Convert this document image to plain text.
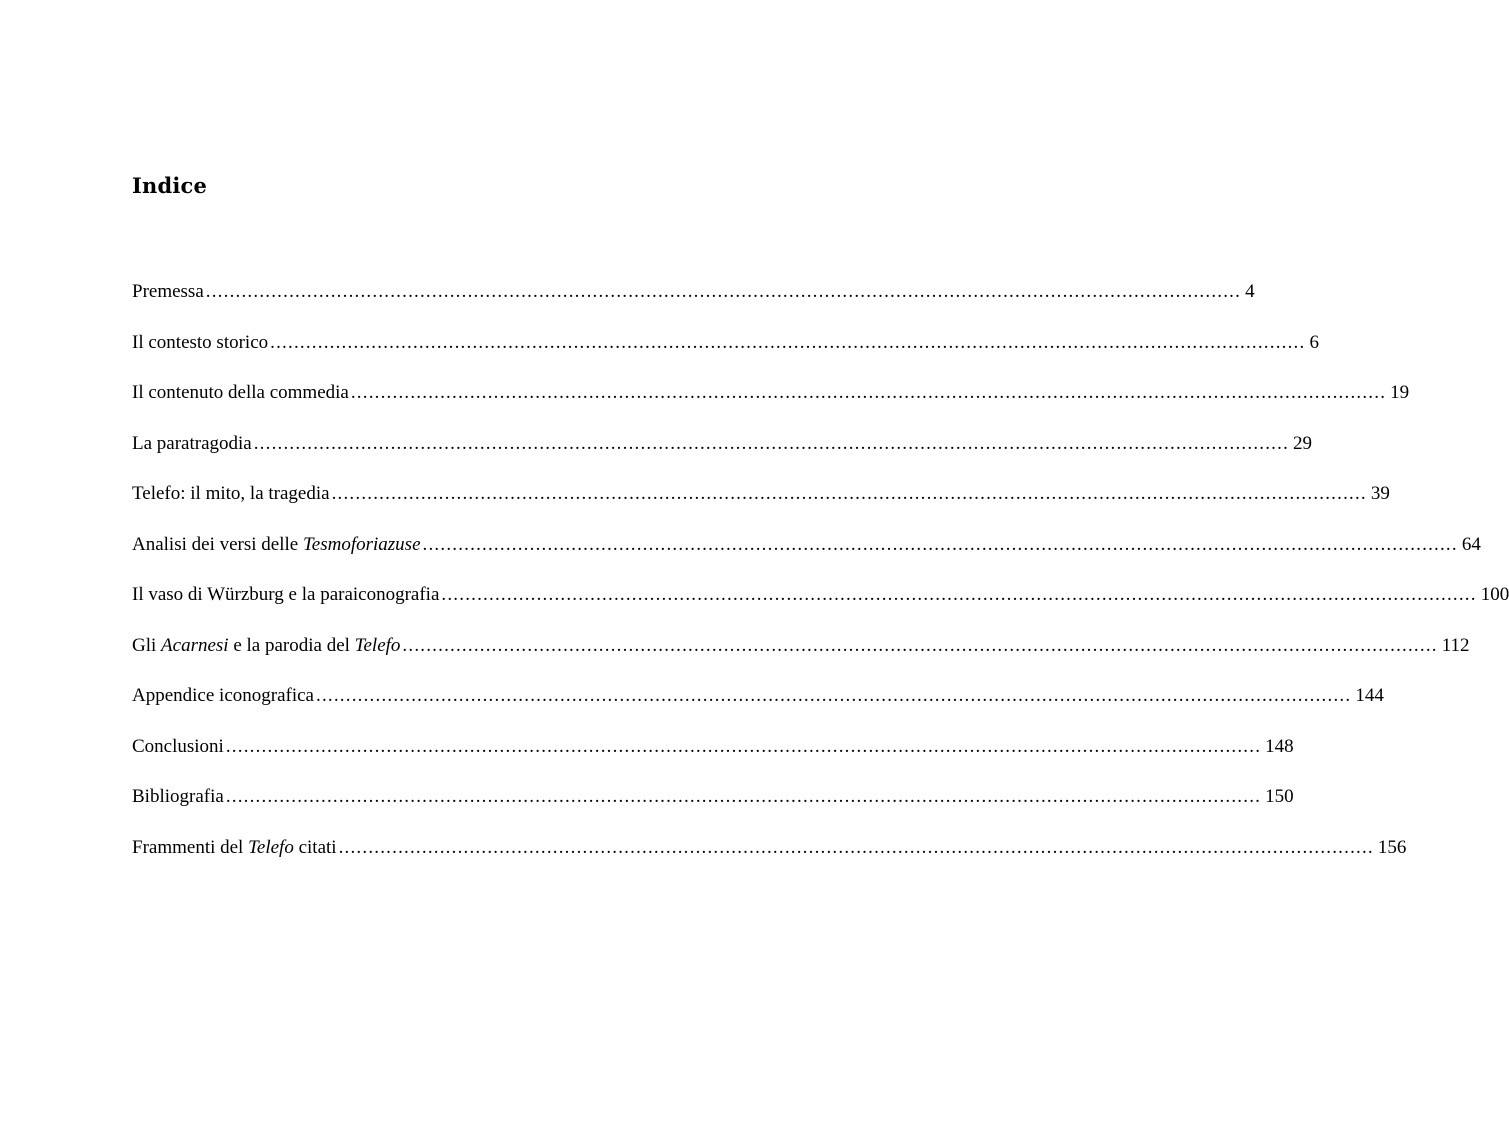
Indice
Premessa .............................................................................................................................................................................. 4
Il contesto storico .............................................................................................................................................................................. 6
Il contenuto della commedia .............................................................................................................................................................................. 19
La paratragodia .............................................................................................................................................................................. 29
Telefo: il mito, la tragedia .............................................................................................................................................................................. 39
Analisi dei versi delle Tesmoforiazuse .............................................................................................................................................................................. 64
Il vaso di Würzburg e la paraiconografia .............................................................................................................................................................................. 100
Gli Acarnesi e la parodia del Telefo .............................................................................................................................................................................. 112
Appendice iconografica .............................................................................................................................................................................. 144
Conclusioni .............................................................................................................................................................................. 148
Bibliografia .............................................................................................................................................................................. 150
Frammenti del Telefo citati .............................................................................................................................................................................. 156
